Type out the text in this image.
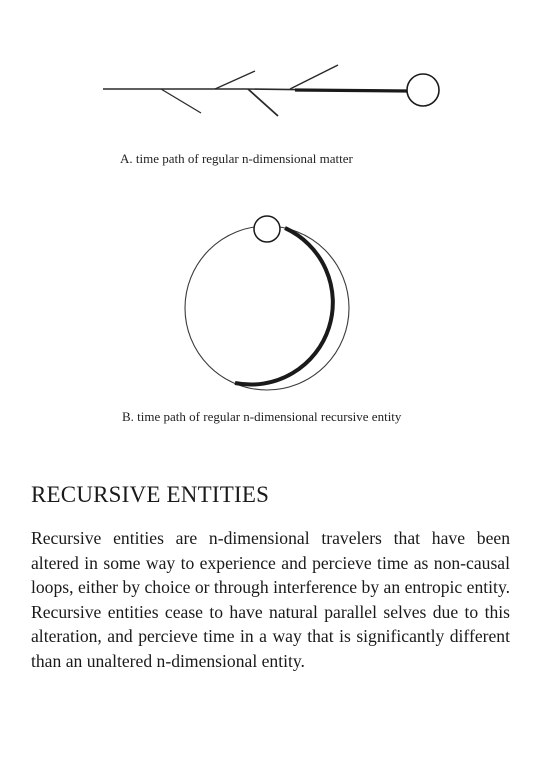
A. time path of regular n-dimensional matter

B. time path of regular n-dimensional recursive entity

RECURSIVE ENTITIES

Recursive entities are n-dimensional travelers that have been altered in some way to experience and percieve time as non-causal loops, either by choice or through interference by an entropic entity. Recursive entities cease to have natural parallel selves due to this alteration, and percieve time in a way that is significantly different than an unaltered n-dimensional entity.
